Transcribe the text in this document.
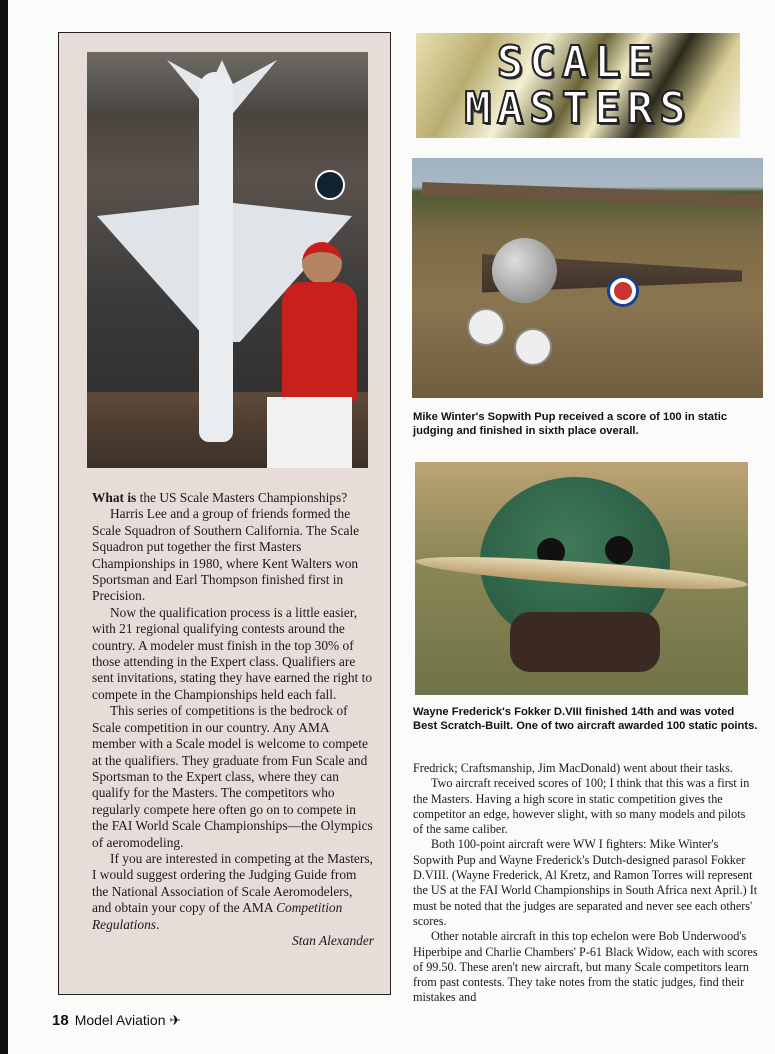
What is the US Scale Masters Championships?

Harris Lee and a group of friends formed the Scale Squadron of Southern California. The Scale Squadron put together the first Masters Championships in 1980, where Kent Walters won Sportsman and Earl Thompson finished first in Precision.

Now the qualification process is a little easier, with 21 regional qualifying contests around the country. A modeler must finish in the top 30% of those attending in the Expert class. Qualifiers are sent invitations, stating they have earned the right to compete in the Championships held each fall.

This series of competitions is the bedrock of Scale competition in our country. Any AMA member with a Scale model is welcome to compete at the qualifiers. They graduate from Fun Scale and Sportsman to the Expert class, where they can qualify for the Masters. The competitors who regularly compete here often go on to compete in the FAI World Scale Championships—the Olympics of aeromodeling.

If you are interested in competing at the Masters, I would suggest ordering the Judging Guide from the National Association of Scale Aeromodelers, and obtain your copy of the AMA Competition Regulations.

Stan Alexander

SCALE
MASTERS
Mike Winter's Sopwith Pup received a score of 100 in static judging and finished in sixth place overall.
Wayne Frederick's Fokker D.VIII finished 14th and was voted Best Scratch-Built. One of two aircraft awarded 100 static points.

Fredrick; Craftsmanship, Jim MacDonald) went about their tasks.

Two aircraft received scores of 100; I think that this was a first in the Masters. Having a high score in static competition gives the competitor an edge, however slight, with so many models and pilots of the same caliber.

Both 100-point aircraft were WW I fighters: Mike Winter's Sopwith Pup and Wayne Frederick's Dutch-designed parasol Fokker D.VIII. (Wayne Frederick, Al Kretz, and Ramon Torres will represent the US at the FAI World Championships in South Africa next April.) It must be noted that the judges are separated and never see each others' scores.

Other notable aircraft in this top echelon were Bob Underwood's Hiperbipe and Charlie Chambers' P-61 Black Widow, each with scores of 99.50. These aren't new aircraft, but many Scale competitors learn from past contests. They take notes from the static judges, find their mistakes and

18 Model Aviation ✈
